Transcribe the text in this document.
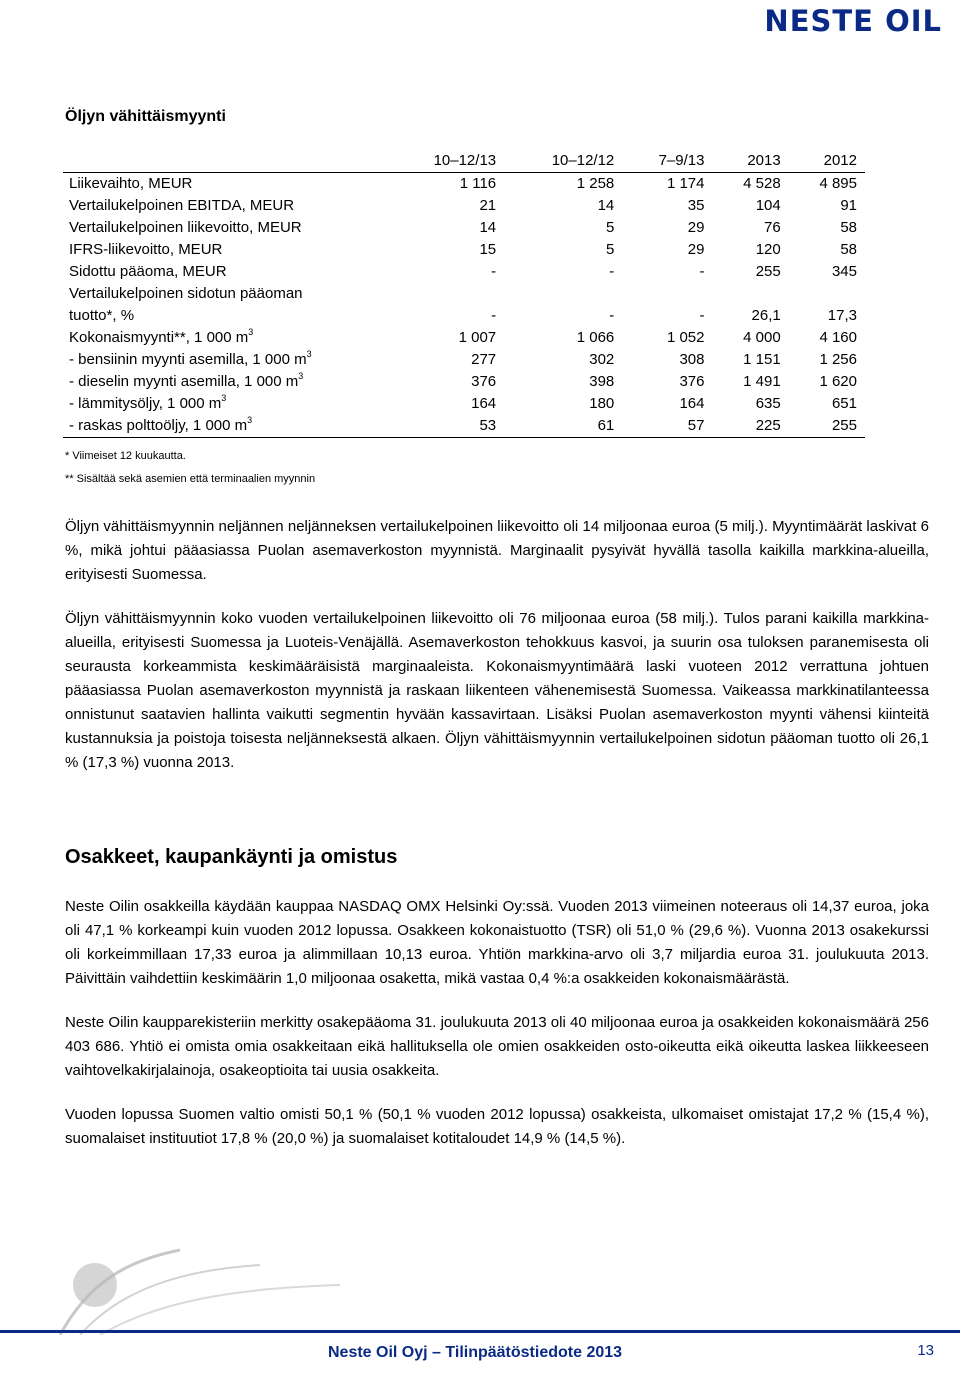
NESTE OIL
Öljyn vähittäismyynti
	10–12/13	10–12/12	7–9/13	2013	2012
Liikevaihto, MEUR	1 116	1 258	1 174	4 528	4 895
Vertailukelpoinen EBITDA, MEUR	21	14	35	104	91
Vertailukelpoinen liikevoitto, MEUR	14	5	29	76	58
IFRS-liikevoitto, MEUR	15	5	29	120	58
Sidottu pääoma, MEUR	-	-	-	255	345
Vertailukelpoinen sidotun pääoman					
tuotto*, %	-	-	-	26,1	17,3
Kokonaismyynti**, 1 000 $m^3$	1 007	1 066	1 052	4 000	4 160
- bensiinin myynti asemilla, 1 000 $m^3$	277	302	308	1 151	1 256
- dieselin myynti asemilla, 1 000 $m^3$	376	398	376	1 491	1 620
- lämmitysöljy, 1 000 $m^3$	164	180	164	635	651
- raskas polttoöljy, 1 000 $m^3$	53	61	57	225	255
* Viimeiset 12 kuukautta.
** Sisältää sekä asemien että terminaalien myynnin

Öljyn vähittäismyynnin neljännen neljänneksen vertailukelpoinen liikevoitto oli 14 miljoonaa euroa (5 milj.). Myyntimäärät laskivat 6 %, mikä johtui pääasiassa Puolan asemaverkoston myynnistä. Marginaalit pysyivät hyvällä tasolla kaikilla markkina-alueilla, erityisesti Suomessa.

Öljyn vähittäismyynnin koko vuoden vertailukelpoinen liikevoitto oli 76 miljoonaa euroa (58 milj.). Tulos parani kaikilla markkina-alueilla, erityisesti Suomessa ja Luoteis-Venäjällä. Asemaverkoston tehokkuus kasvoi, ja suurin osa tuloksen paranemisesta oli seurausta korkeammista keskimääräisistä marginaaleista. Kokonaismyyntimäärä laski vuoteen 2012 verrattuna johtuen pääasiassa Puolan asemaverkoston myynnistä ja raskaan liikenteen vähenemisestä Suomessa. Vaikeassa markkinatilanteessa onnistunut saatavien hallinta vaikutti segmentin hyvään kassavirtaan. Lisäksi Puolan asemaverkoston myynti vähensi kiinteitä kustannuksia ja poistoja toisesta neljänneksestä alkaen. Öljyn vähittäismyynnin vertailukelpoinen sidotun pääoman tuotto oli 26,1 % (17,3 %) vuonna 2013.

Osakkeet, kaupankäynti ja omistus

Neste Oilin osakkeilla käydään kauppaa NASDAQ OMX Helsinki Oy:ssä. Vuoden 2013 viimeinen noteeraus oli 14,37 euroa, joka oli 47,1 % korkeampi kuin vuoden 2012 lopussa. Osakkeen kokonaistuotto (TSR) oli 51,0 % (29,6 %). Vuonna 2013 osakekurssi oli korkeimmillaan 17,33 euroa ja alimmillaan 10,13 euroa. Yhtiön markkina-arvo oli 3,7 miljardia euroa 31. joulukuuta 2013. Päivittäin vaihdettiin keskimäärin 1,0 miljoonaa osaketta, mikä vastaa 0,4 %:a osakkeiden kokonaismäärästä.

Neste Oilin kaupparekisteriin merkitty osakepääoma 31. joulukuuta 2013 oli 40 miljoonaa euroa ja osakkeiden kokonaismäärä 256 403 686. Yhtiö ei omista omia osakkeitaan eikä hallituksella ole omien osakkeiden osto-oikeutta eikä oikeutta laskea liikkeeseen vaihtovelkakirjalainoja, osakeoptioita tai uusia osakkeita.

Vuoden lopussa Suomen valtio omisti 50,1 % (50,1 % vuoden 2012 lopussa) osakkeista, ulkomaiset omistajat 17,2 % (15,4 %), suomalaiset instituutiot 17,8 % (20,0 %) ja suomalaiset kotitaloudet 14,9 % (14,5 %).

Neste Oil Oyj – Tilinpäätöstiedote 2013	13
